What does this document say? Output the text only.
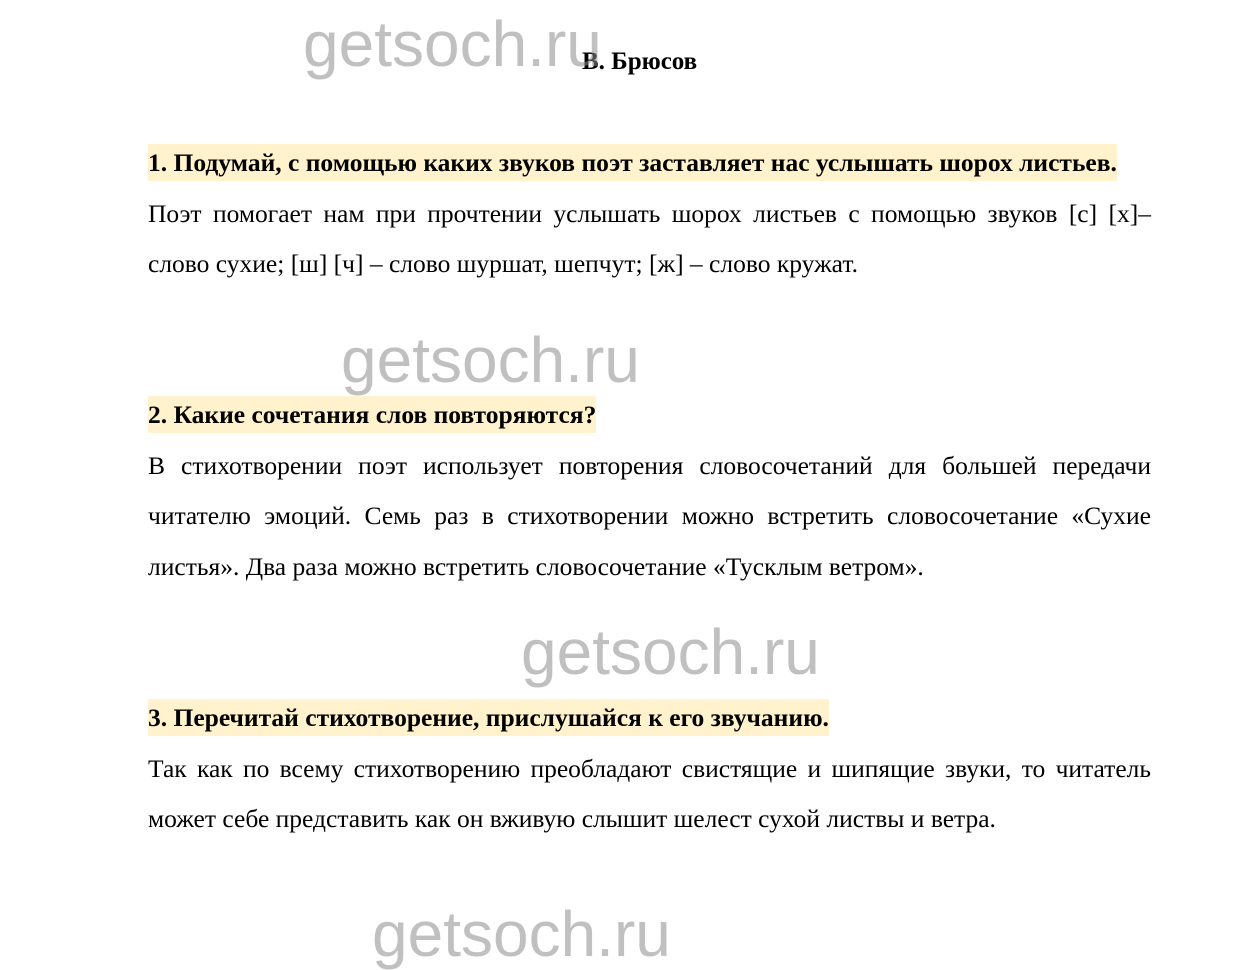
getsoch.ru
getsoch.ru
getsoch.ru
getsoch.ru
В. Брюсов

1. Подумай, с помощью каких звуков поэт заставляет нас услышать шорох листьев.

Поэт помогает нам при прочтении услышать шорох листьев с помощью звуков [с] [х]– слово сухие; [ш] [ч] – слово шуршат, шепчут; [ж] – слово кружат.

2. Какие сочетания слов повторяются?

В стихотворении поэт использует повторения словосочетаний для большей передачи читателю эмоций. Семь раз в стихотворении можно встретить словосочетание «Сухие листья». Два раза можно встретить словосочетание «Тусклым ветром».

3. Перечитай стихотворение, прислушайся к его звучанию.

Так как по всему стихотворению преобладают свистящие и шипящие звуки, то читатель может себе представить как он вживую слышит шелест сухой листвы и ветра.
